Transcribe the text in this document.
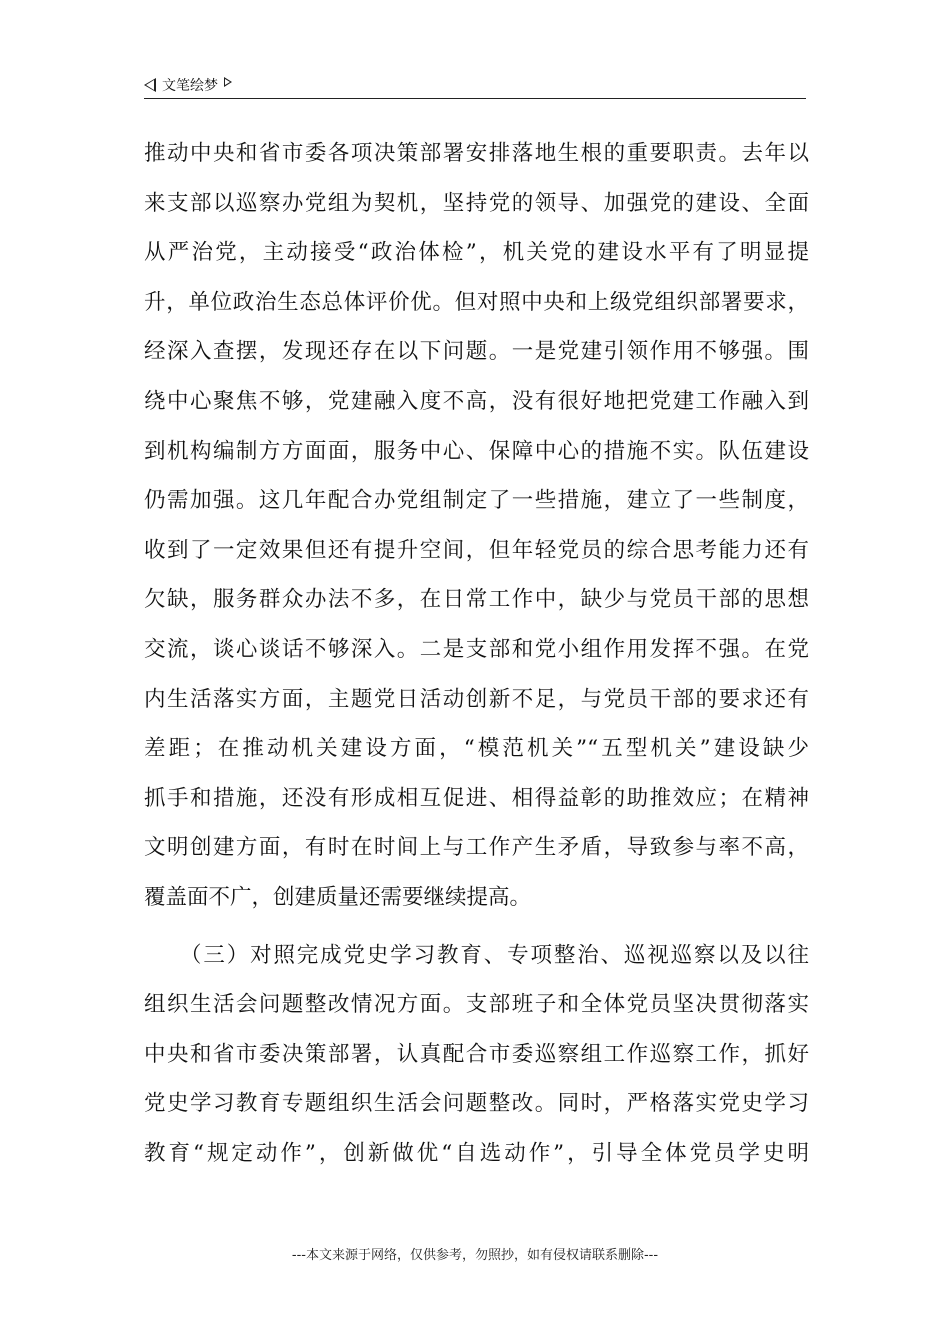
文笔绘梦
推动中央和省市委各项决策部署安排落地生根的重要职责。去年以
来支部以巡察办党组为契机，坚持党的领导、加强党的建设、全面
从严治党，主动接受“政治体检”，机关党的建设水平有了明显提
升，单位政治生态总体评价优。但对照中央和上级党组织部署要求，
经深入查摆，发现还存在以下问题。一是党建引领作用不够强。围
绕中心聚焦不够，党建融入度不高，没有很好地把党建工作融入到
到机构编制方方面面，服务中心、保障中心的措施不实。队伍建设
仍需加强。这几年配合办党组制定了一些措施，建立了一些制度，
收到了一定效果但还有提升空间，但年轻党员的综合思考能力还有
欠缺，服务群众办法不多，在日常工作中，缺少与党员干部的思想
交流，谈心谈话不够深入。二是支部和党小组作用发挥不强。在党
内生活落实方面，主题党日活动创新不足，与党员干部的要求还有
差距；在推动机关建设方面，“模范机关”“五型机关”建设缺少
抓手和措施，还没有形成相互促进、相得益彰的助推效应；在精神
文明创建方面，有时在时间上与工作产生矛盾，导致参与率不高，
覆盖面不广，创建质量还需要继续提高。
　　（三）对照完成党史学习教育、专项整治、巡视巡察以及以往
组织生活会问题整改情况方面。支部班子和全体党员坚决贯彻落实
中央和省市委决策部署，认真配合市委巡察组工作巡察工作，抓好
党史学习教育专题组织生活会问题整改。同时，严格落实党史学习
教育“规定动作”，创新做优“自选动作”，引导全体党员学史明
---本文来源于网络，仅供参考，勿照抄，如有侵权请联系删除---
